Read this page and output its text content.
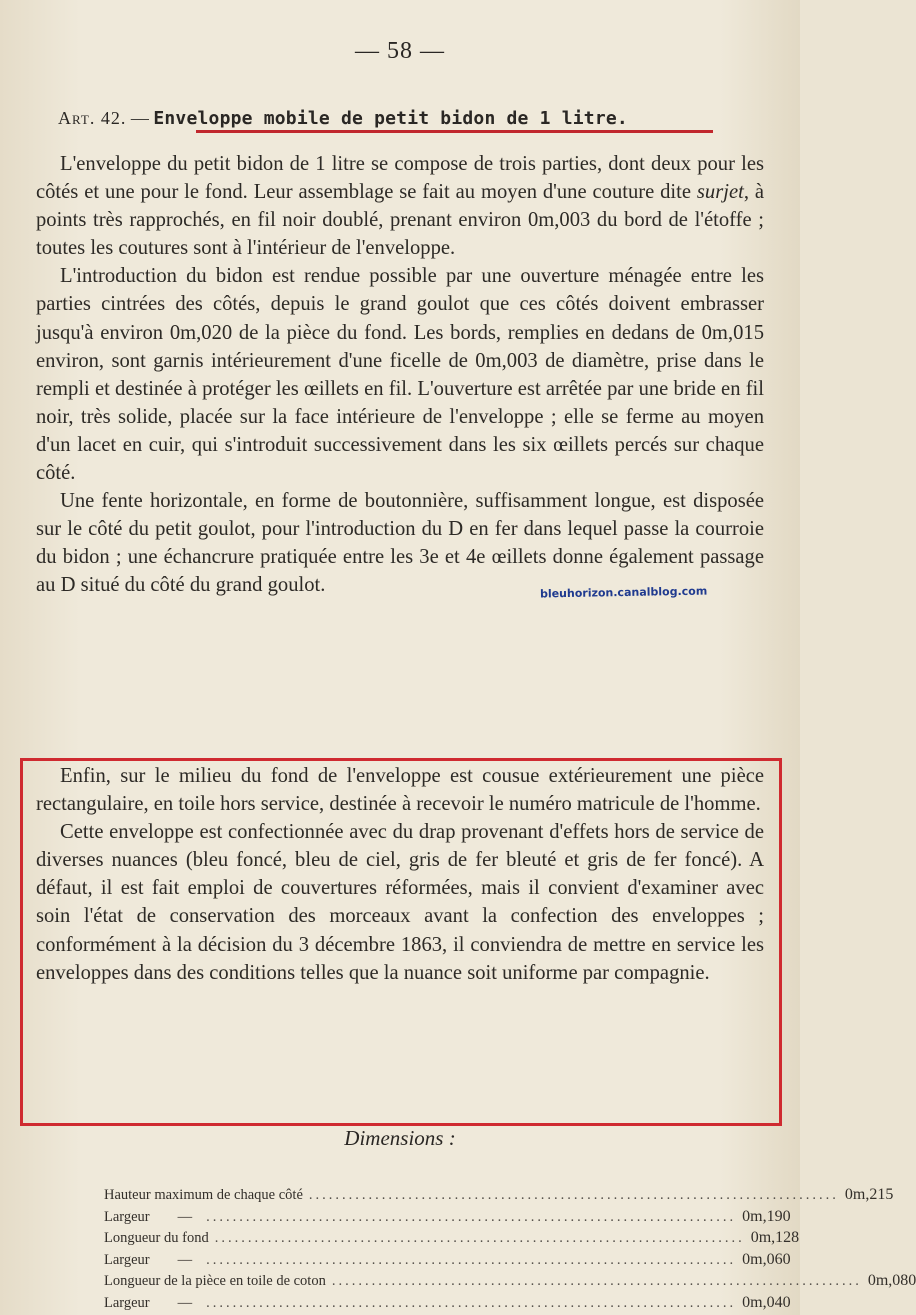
— 58 —
Art. 42. — Enveloppe mobile de petit bidon de 1 litre.

L'enveloppe du petit bidon de 1 litre se compose de trois parties, dont deux pour les côtés et une pour le fond. Leur assemblage se fait au moyen d'une couture dite surjet, à points très rapprochés, en fil noir doublé, prenant environ 0m,003 du bord de l'étoffe ; toutes les coutures sont à l'intérieur de l'enveloppe.

L'introduction du bidon est rendue possible par une ouverture ménagée entre les parties cintrées des côtés, depuis le grand goulot que ces côtés doivent embrasser jusqu'à environ 0m,020 de la pièce du fond. Les bords, remplies en dedans de 0m,015 environ, sont garnis intérieurement d'une ficelle de 0m,003 de diamètre, prise dans le rempli et destinée à protéger les œillets en fil. L'ouverture est arrêtée par une bride en fil noir, très solide, placée sur la face intérieure de l'enveloppe ; elle se ferme au moyen d'un lacet en cuir, qui s'introduit successivement dans les six œillets percés sur chaque côté.

Une fente horizontale, en forme de boutonnière, suffisamment longue, est disposée sur le côté du petit goulot, pour l'introduction du D en fer dans lequel passe la courroie du bidon ; une échancrure pratiquée entre les 3e et 4e œillets donne également passage au D situé du côté du grand goulot.	bleuhorizon.canalblog.com

Enfin, sur le milieu du fond de l'enveloppe est cousue extérieurement une pièce rectangulaire, en toile hors service, destinée à recevoir le numéro matricule de l'homme.

Cette enveloppe est confectionnée avec du drap provenant d'effets hors de service de diverses nuances (bleu foncé, bleu de ciel, gris de fer bleuté et gris de fer foncé). A défaut, il est fait emploi de couvertures réformées, mais il convient d'examiner avec soin l'état de conservation des morceaux avant la confection des enveloppes ; conformément à la décision du 3 décembre 1863, il conviendra de mettre en service les enveloppes dans des conditions telles que la nuance soit uniforme par compagnie.

Dimensions :
Hauteur maximum de chaque côté ................................................................................ 0m,215
Largeur — ................................................................................ 0m,190
Longueur du fond ................................................................................ 0m,128
Largeur — ................................................................................ 0m,060
Longueur de la pièce en toile de coton ................................................................................ 0m,080
Largeur — ................................................................................ 0m,040
